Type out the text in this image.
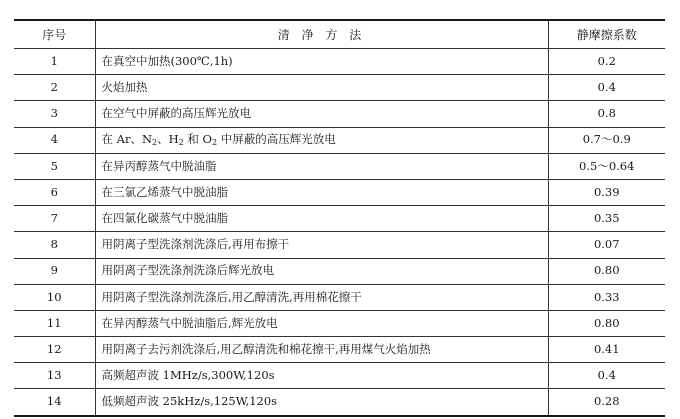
序号	清 净 方 法	静摩擦系数
1	在真空中加热(300℃,1h)	0.2
2	火焰加热	0.4
3	在空气中屏蔽的高压辉光放电	0.8
4	在 Ar、$N_2$、$H_2$ 和 $O_2$ 中屏蔽的高压辉光放电	0.7～0.9
5	在异丙醇蒸气中脱油脂	0.5～0.64
6	在三氯乙烯蒸气中脱油脂	0.39
7	在四氯化碳蒸气中脱油脂	0.35
8	用阴离子型洗涤剂洗涤后,再用布擦干	0.07
9	用阴离子型洗涤剂洗涤后辉光放电	0.80
10	用阴离子型洗涤剂洗涤后,用乙醇清洗,再用棉花擦干	0.33
11	在异丙醇蒸气中脱油脂后,辉光放电	0.80
12	用阴离子去污剂洗涤后,用乙醇清洗和棉花擦干,再用煤气火焰加热	0.41
13	高频超声波 1MHz/s,300W,120s	0.4
14	低频超声波 25kHz/s,125W,120s	0.28
